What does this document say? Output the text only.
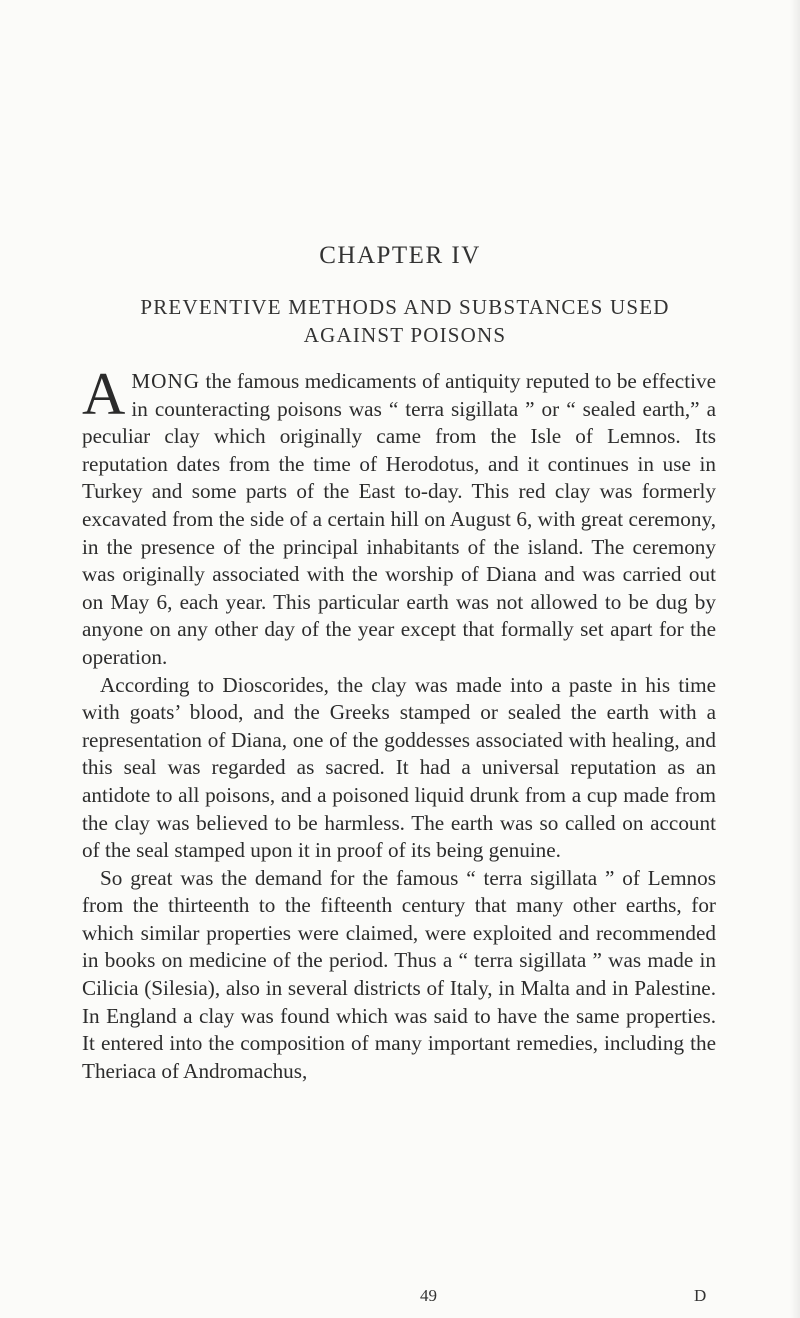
CHAPTER IV
PREVENTIVE METHODS AND SUBSTANCES USED
AGAINST POISONS

AMONG the famous medicaments of antiquity reputed to be effective in counteracting poisons was “ terra sigillata ” or “ sealed earth,” a peculiar clay which originally came from the Isle of Lemnos. Its reputation dates from the time of Herodotus, and it continues in use in Turkey and some parts of the East to-day. This red clay was formerly excavated from the side of a certain hill on August 6, with great ceremony, in the presence of the principal inhabitants of the island. The ceremony was originally associated with the worship of Diana and was carried out on May 6, each year. This particular earth was not allowed to be dug by anyone on any other day of the year except that formally set apart for the operation.

According to Dioscorides, the clay was made into a paste in his time with goats’ blood, and the Greeks stamped or sealed the earth with a representation of Diana, one of the goddesses associated with healing, and this seal was regarded as sacred. It had a universal reputation as an antidote to all poisons, and a poisoned liquid drunk from a cup made from the clay was believed to be harmless. The earth was so called on account of the seal stamped upon it in proof of its being genuine.

So great was the demand for the famous “ terra sigillata ” of Lemnos from the thirteenth to the fifteenth century that many other earths, for which similar properties were claimed, were exploited and recommended in books on medicine of the period. Thus a “ terra sigillata ” was made in Cilicia (Silesia), also in several districts of Italy, in Malta and in Palestine. In England a clay was found which was said to have the same properties. It entered into the composition of many important remedies, including the Theriaca of Andromachus,

49	D
